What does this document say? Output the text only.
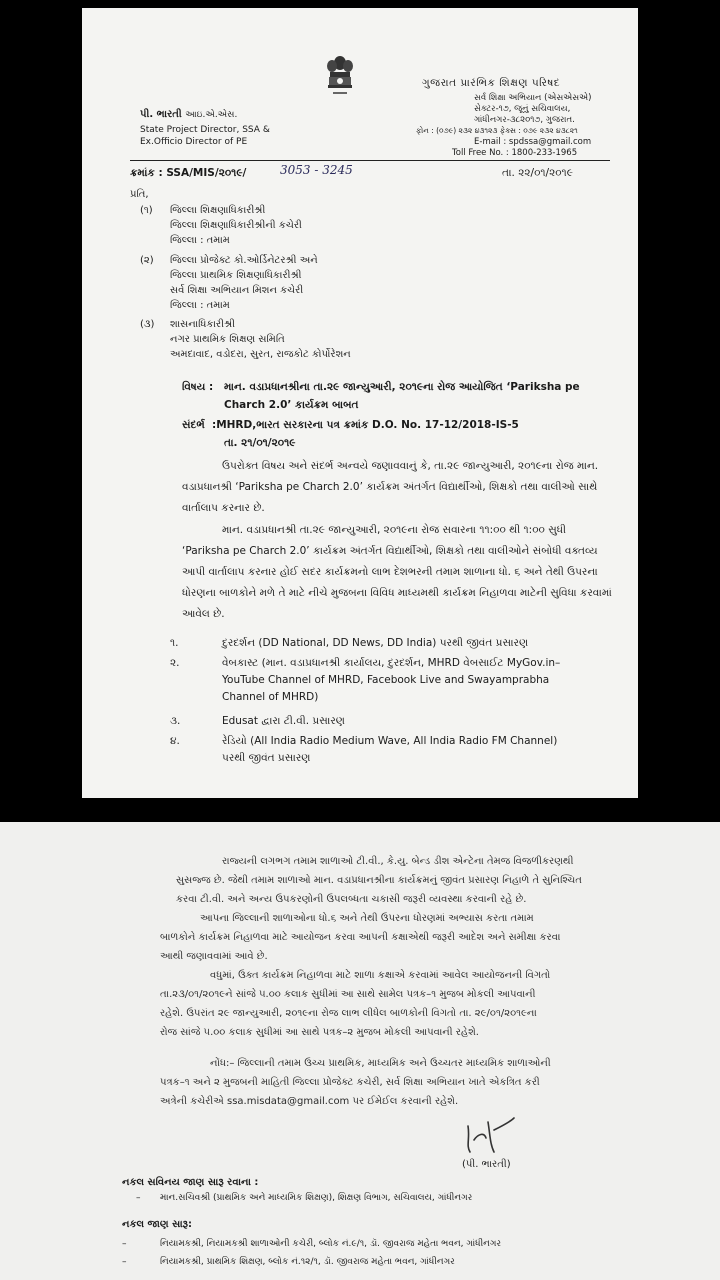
પી. ભારતી આઇ.એ.એસ.
State Project Director, SSA &
Ex.Officio Director of PE
ગુજરાત પ્રારંભિક શિક્ષણ પરિષદ
સર્વ શિક્ષા અભિયાન (એસએસએ)
સેક્ટર-૧૭, જૂનું સચિવાલય,
ગાંધીનગર-૩૮૨૦૧૭, ગુજરાત.
ફોન : (૦૭૯) ૨૩૨ ૪૩૧૨૩ ફેક્સ : ૦૭૯ ૨૩૨ ૪૩૮૨૧
E-mail : spdssa@gmail.com
Toll Free No. : 1800-233-1965
ક્રમાંક : SSA/MIS/૨૦૧૯/	3053 - 3245	તા. ૨૨/૦૧/૨૦૧૯
પ્રતિ,
(૧) જિલ્લા શિક્ષણાધિકારીશ્રી
જિલ્લા શિક્ષણાધિકારીશ્રીની કચેરી
જિલ્લા : તમામ
(૨) જિલ્લા પ્રોજેક્ટ કો.ઓર્ડિનેટરશ્રી અને
જિલ્લા પ્રાથમિક શિક્ષણાધિકારીશ્રી
સર્વ શિક્ષા અભિયાન મિશન કચેરી
જિલ્લા : તમામ
(૩) શાસનાધિકારીશ્રી
નગર પ્રાથમિક શિક્ષણ સમિતિ
અમદાવાદ, વડોદરા, સુરત, રાજકોટ કોર્પોરેશન
વિષય : માન. વડાપ્રધાનશ્રીના તા.૨૯ જાન્યુઆરી, ૨૦૧૯ના રોજ આયોજિત ‘Pariksha pe
Charch 2.0’ કાર્યક્રમ બાબત
સંદર્ભ :MHRD,ભારત સરકારના પત્ર ક્રમાંક D.O. No. 17-12/2018-IS-5
તા. ૨૧/૦૧/૨૦૧૯
ઉપરોક્ત વિષય અને સંદર્ભ અન્વયે જણાવવાનું કે, તા.૨૯ જાન્યુઆરી, ૨૦૧૯ના રોજ માન. વડાપ્રધાનશ્રી ‘Pariksha pe Charch 2.0’ કાર્યક્રમ અંતર્ગત વિદ્યાર્થીઓ, શિક્ષકો તથા વાલીઓ સાથે વાર્તાલાપ કરનાર છે.
માન. વડાપ્રધાનશ્રી તા.૨૯ જાન્યુઆરી, ૨૦૧૯ના રોજ સવારના ૧૧:૦૦ થી ૧:૦૦ સુધી ‘Pariksha pe Charch 2.0’ કાર્યક્રમ અંતર્ગત વિદ્યાર્થીઓ, શિક્ષકો તથા વાલીઓને સંબોધી વક્તવ્ય આપી વાર્તાલાપ કરનાર હોઈ સદર કાર્યક્રમનો લાભ દેશભરની તમામ શાળાના ધો. ૬ અને તેથી ઉપરના ધોરણના બાળકોને મળે તે માટે નીચે મુજબના વિવિધ માધ્યમથી કાર્યક્રમ નિહાળવા માટેની સુવિધા કરવામાં આવેલ છે.
૧.	દુરદર્શન (DD National, DD News, DD India) પરથી જીવંત પ્રસારણ
૨.	વેબકાસ્ટ (માન. વડાપ્રધાનશ્રી કાર્યાલય, દુરદર્શન, MHRD વેબસાઈટ MyGov.in–
YouTube Channel of MHRD, Facebook Live and Swayamprabha
Channel of MHRD)
૩.	Edusat દ્વારા ટી.વી. પ્રસારણ
૪.	રેડિયો (All India Radio Medium Wave, All India Radio FM Channel)
પરથી જીવંત પ્રસારણ
રાજ્યની લગભગ તમામ શાળાઓ ટી.વી., કે.યુ. બેન્ડ ડીશ એન્ટેના તેમજ વિજળીકરણથી
સુસજ્જ છે. જેથી તમામ શાળાઓ માન. વડાપ્રધાનશ્રીના કાર્યક્રમનું જીવંત પ્રસારણ નિહાળે તે સુનિશ્ચિત
કરવા ટી.વી. અને અન્ય ઉપકરણોની ઉપલબ્ધતા ચકાસી જરૂરી વ્યવસ્થા કરવાની રહે છે.
આપના જિલ્લાની શાળાઓના ધો.૬ અને તેથી ઉપરના ધોરણમાં અભ્યાસ કરતા તમામ
બાળકોને કાર્યક્રમ નિહાળવા માટે આયોજન કરવા આપની કક્ષાએથી જરૂરી આદેશ અને સમીક્ષા કરવા
આથી જણાવવામાં આવે છે.
વધુમાં, ઉક્ત કાર્યક્રમ નિહાળવા માટે શાળા કક્ષાએ કરવામાં આવેલ આયોજનની વિગતો
તા.૨૩/૦૧/૨૦૧૯ને સાંજે ૫.૦૦ કલાક સુધીમાં આ સાથે સામેલ પત્રક–૧ મુજબ મોકલી આપવાની
રહેશે. ઉપરાંત ૨૯ જાન્યુઆરી, ૨૦૧૯ના રોજ લાભ લીધેલ બાળકોની વિગતો તા. ૨૯/૦૧/૨૦૧૯ના
રોજ સાંજે ૫.૦૦ કલાક સુધીમાં આ સાથે પત્રક–૨ મુજબ મોકલી આપવાની રહેશે.
નોંધ:– જિલ્લાની તમામ ઉચ્ચ પ્રાથમિક, માધ્યમિક અને ઉચ્ચતર માધ્યમિક શાળાઓની
પત્રક–૧ અને ૨ મુજબની માહિતી જિલ્લા પ્રોજેક્ટ કચેરી, સર્વ શિક્ષા અભિયાન ખાતે એકત્રિત કરી
અત્રેની કચેરીએ ssa.misdata@gmail.com પર ઈમેઈલ કરવાની રહેશે.
(પી. ભારતી)
નકલ સવિનય જાણ સારૂ રવાના :
– માન.સચિવશ્રી (પ્રાથમિક અને માધ્યમિક શિક્ષણ), શિક્ષણ વિભાગ, સચિવાલય, ગાંધીનગર
નકલ જાણ સારૂ:
–	નિયામકશ્રી, નિયામકશ્રી શાળાઓની કચેરી, બ્લોક નં.૯/૧, ડૉ. જીવરાજ મહેતા ભવન, ગાંધીનગર
–	નિયામકશ્રી, પ્રાથમિક શિક્ષણ, બ્લોક નં.૧૨/૧, ડૉ. જીવરાજ મહેતા ભવન, ગાંધીનગર
